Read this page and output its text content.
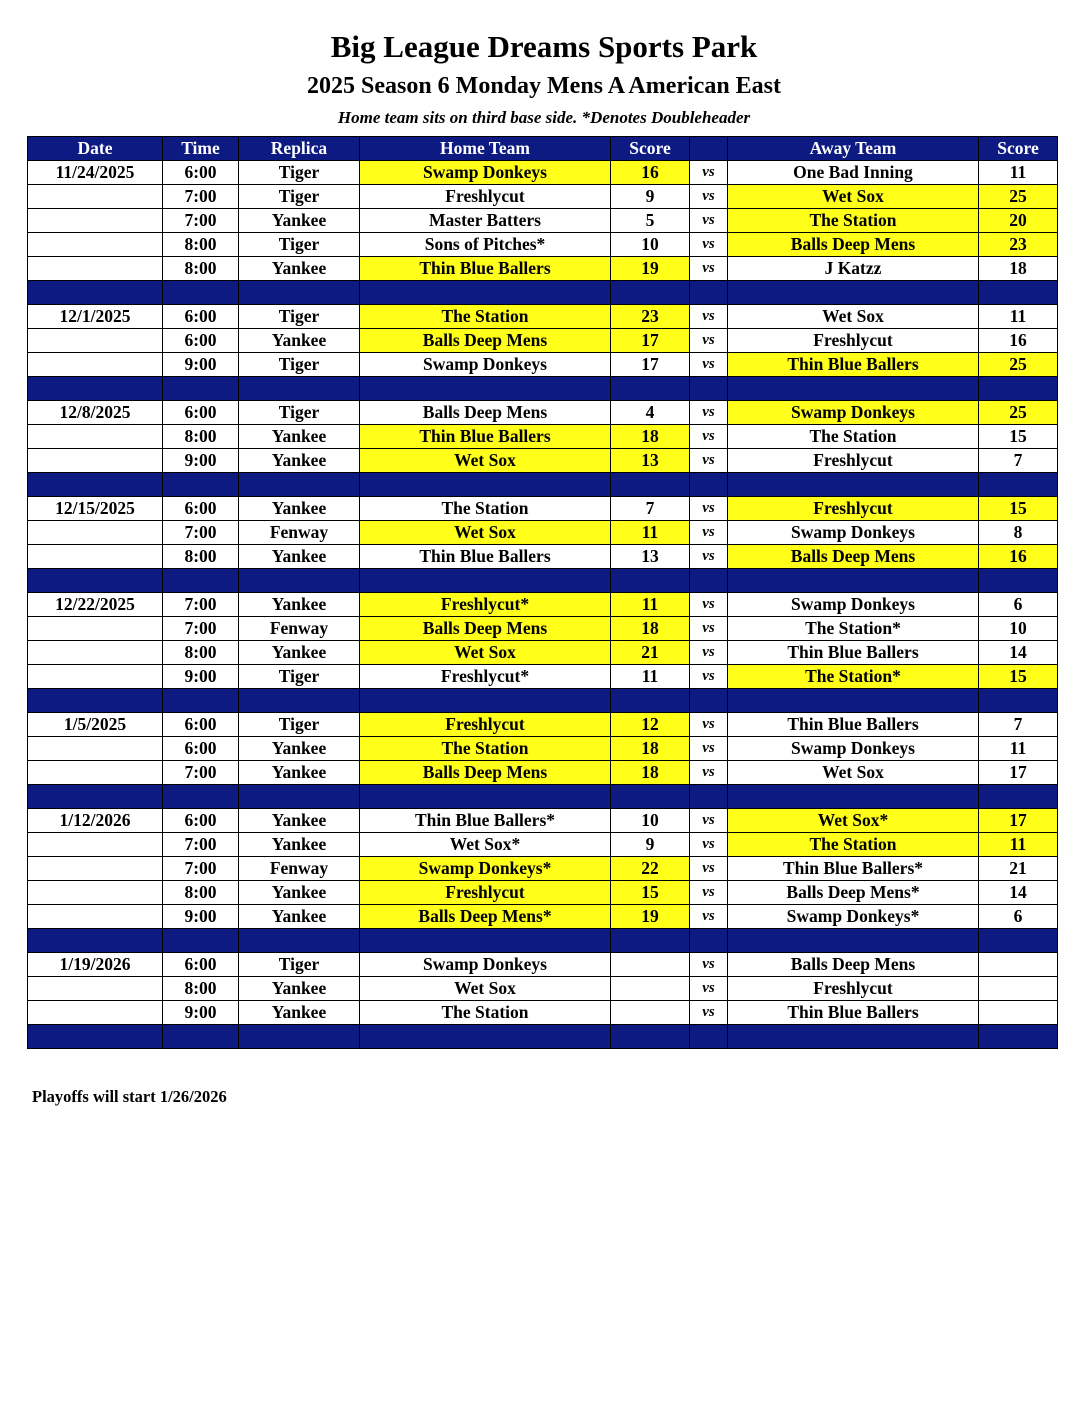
Big League Dreams Sports Park
2025 Season 6 Monday Mens A American East
Home team sits on third base side. *Denotes Doubleheader
Date	Time	Replica	Home Team	Score		Away Team	Score
11/24/2025	6:00	Tiger	Swamp Donkeys	16	vs	One Bad Inning	11
	7:00	Tiger	Freshlycut	9	vs	Wet Sox	25
	7:00	Yankee	Master Batters	5	vs	The Station	20
	8:00	Tiger	Sons of Pitches*	10	vs	Balls Deep Mens	23
	8:00	Yankee	Thin Blue Ballers	19	vs	J Katzz	18

12/1/2025	6:00	Tiger	The Station	23	vs	Wet Sox	11
	6:00	Yankee	Balls Deep Mens	17	vs	Freshlycut	16
	9:00	Tiger	Swamp Donkeys	17	vs	Thin Blue Ballers	25

12/8/2025	6:00	Tiger	Balls Deep Mens	4	vs	Swamp Donkeys	25
	8:00	Yankee	Thin Blue Ballers	18	vs	The Station	15
	9:00	Yankee	Wet Sox	13	vs	Freshlycut	7

12/15/2025	6:00	Yankee	The Station	7	vs	Freshlycut	15
	7:00	Fenway	Wet Sox	11	vs	Swamp Donkeys	8
	8:00	Yankee	Thin Blue Ballers	13	vs	Balls Deep Mens	16

12/22/2025	7:00	Yankee	Freshlycut*	11	vs	Swamp Donkeys	6
	7:00	Fenway	Balls Deep Mens	18	vs	The Station*	10
	8:00	Yankee	Wet Sox	21	vs	Thin Blue Ballers	14
	9:00	Tiger	Freshlycut*	11	vs	The Station*	15

1/5/2025	6:00	Tiger	Freshlycut	12	vs	Thin Blue Ballers	7
	6:00	Yankee	The Station	18	vs	Swamp Donkeys	11
	7:00	Yankee	Balls Deep Mens	18	vs	Wet Sox	17

1/12/2026	6:00	Yankee	Thin Blue Ballers*	10	vs	Wet Sox*	17
	7:00	Yankee	Wet Sox*	9	vs	The Station	11
	7:00	Fenway	Swamp Donkeys*	22	vs	Thin Blue Ballers*	21
	8:00	Yankee	Freshlycut	15	vs	Balls Deep Mens*	14
	9:00	Yankee	Balls Deep Mens*	19	vs	Swamp Donkeys*	6

1/19/2026	6:00	Tiger	Swamp Donkeys		vs	Balls Deep Mens	
	8:00	Yankee	Wet Sox		vs	Freshlycut	
	9:00	Yankee	The Station		vs	Thin Blue Ballers	

Playoffs will start 1/26/2026
